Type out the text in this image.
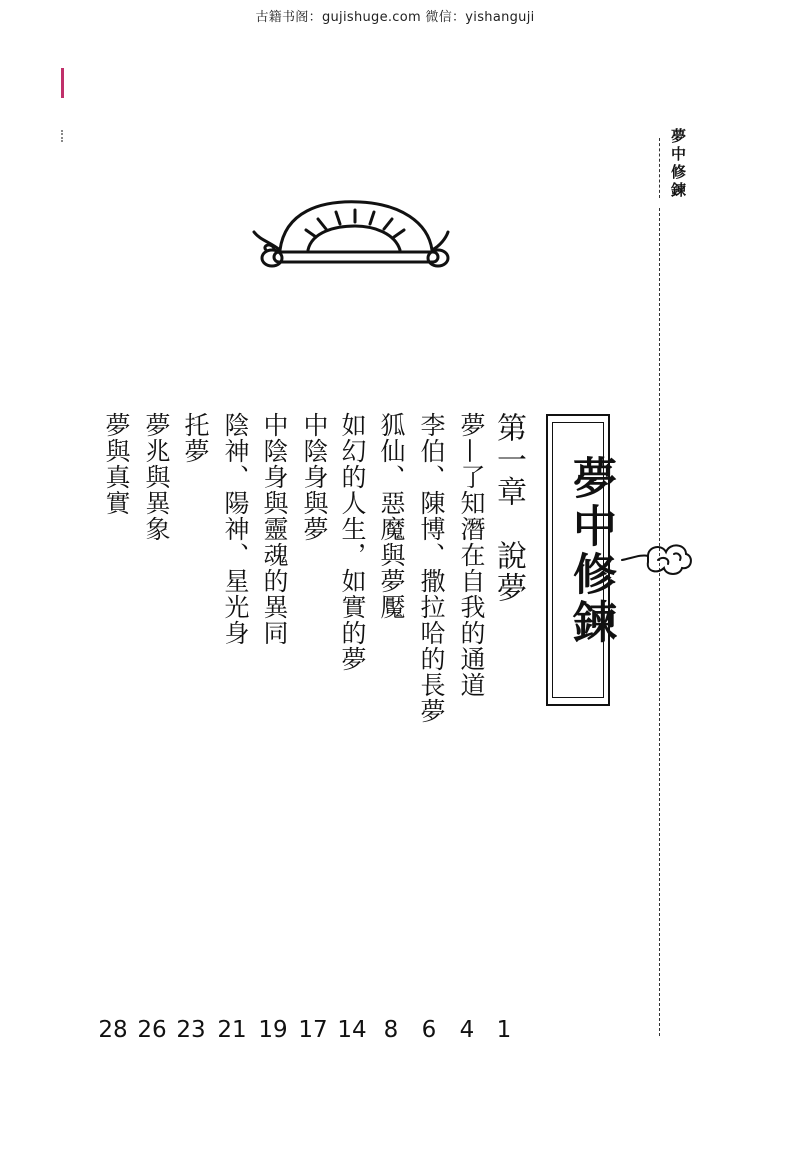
古籍书阁：gujishuge.com 微信：yishanguji
夢中修鍊
夢中修鍊
第一章　說夢
夢—了知潛在自我的通道
李伯、陳博、撒拉哈的長夢
狐仙、惡魔與夢魘
如幻的人生，如實的夢
中陰身與夢
中陰身與靈魂的異同
陰神、陽神、星光身
托夢
夢兆與異象
夢與真實
1
4
6
8
14
17
19
21
23
26
28
